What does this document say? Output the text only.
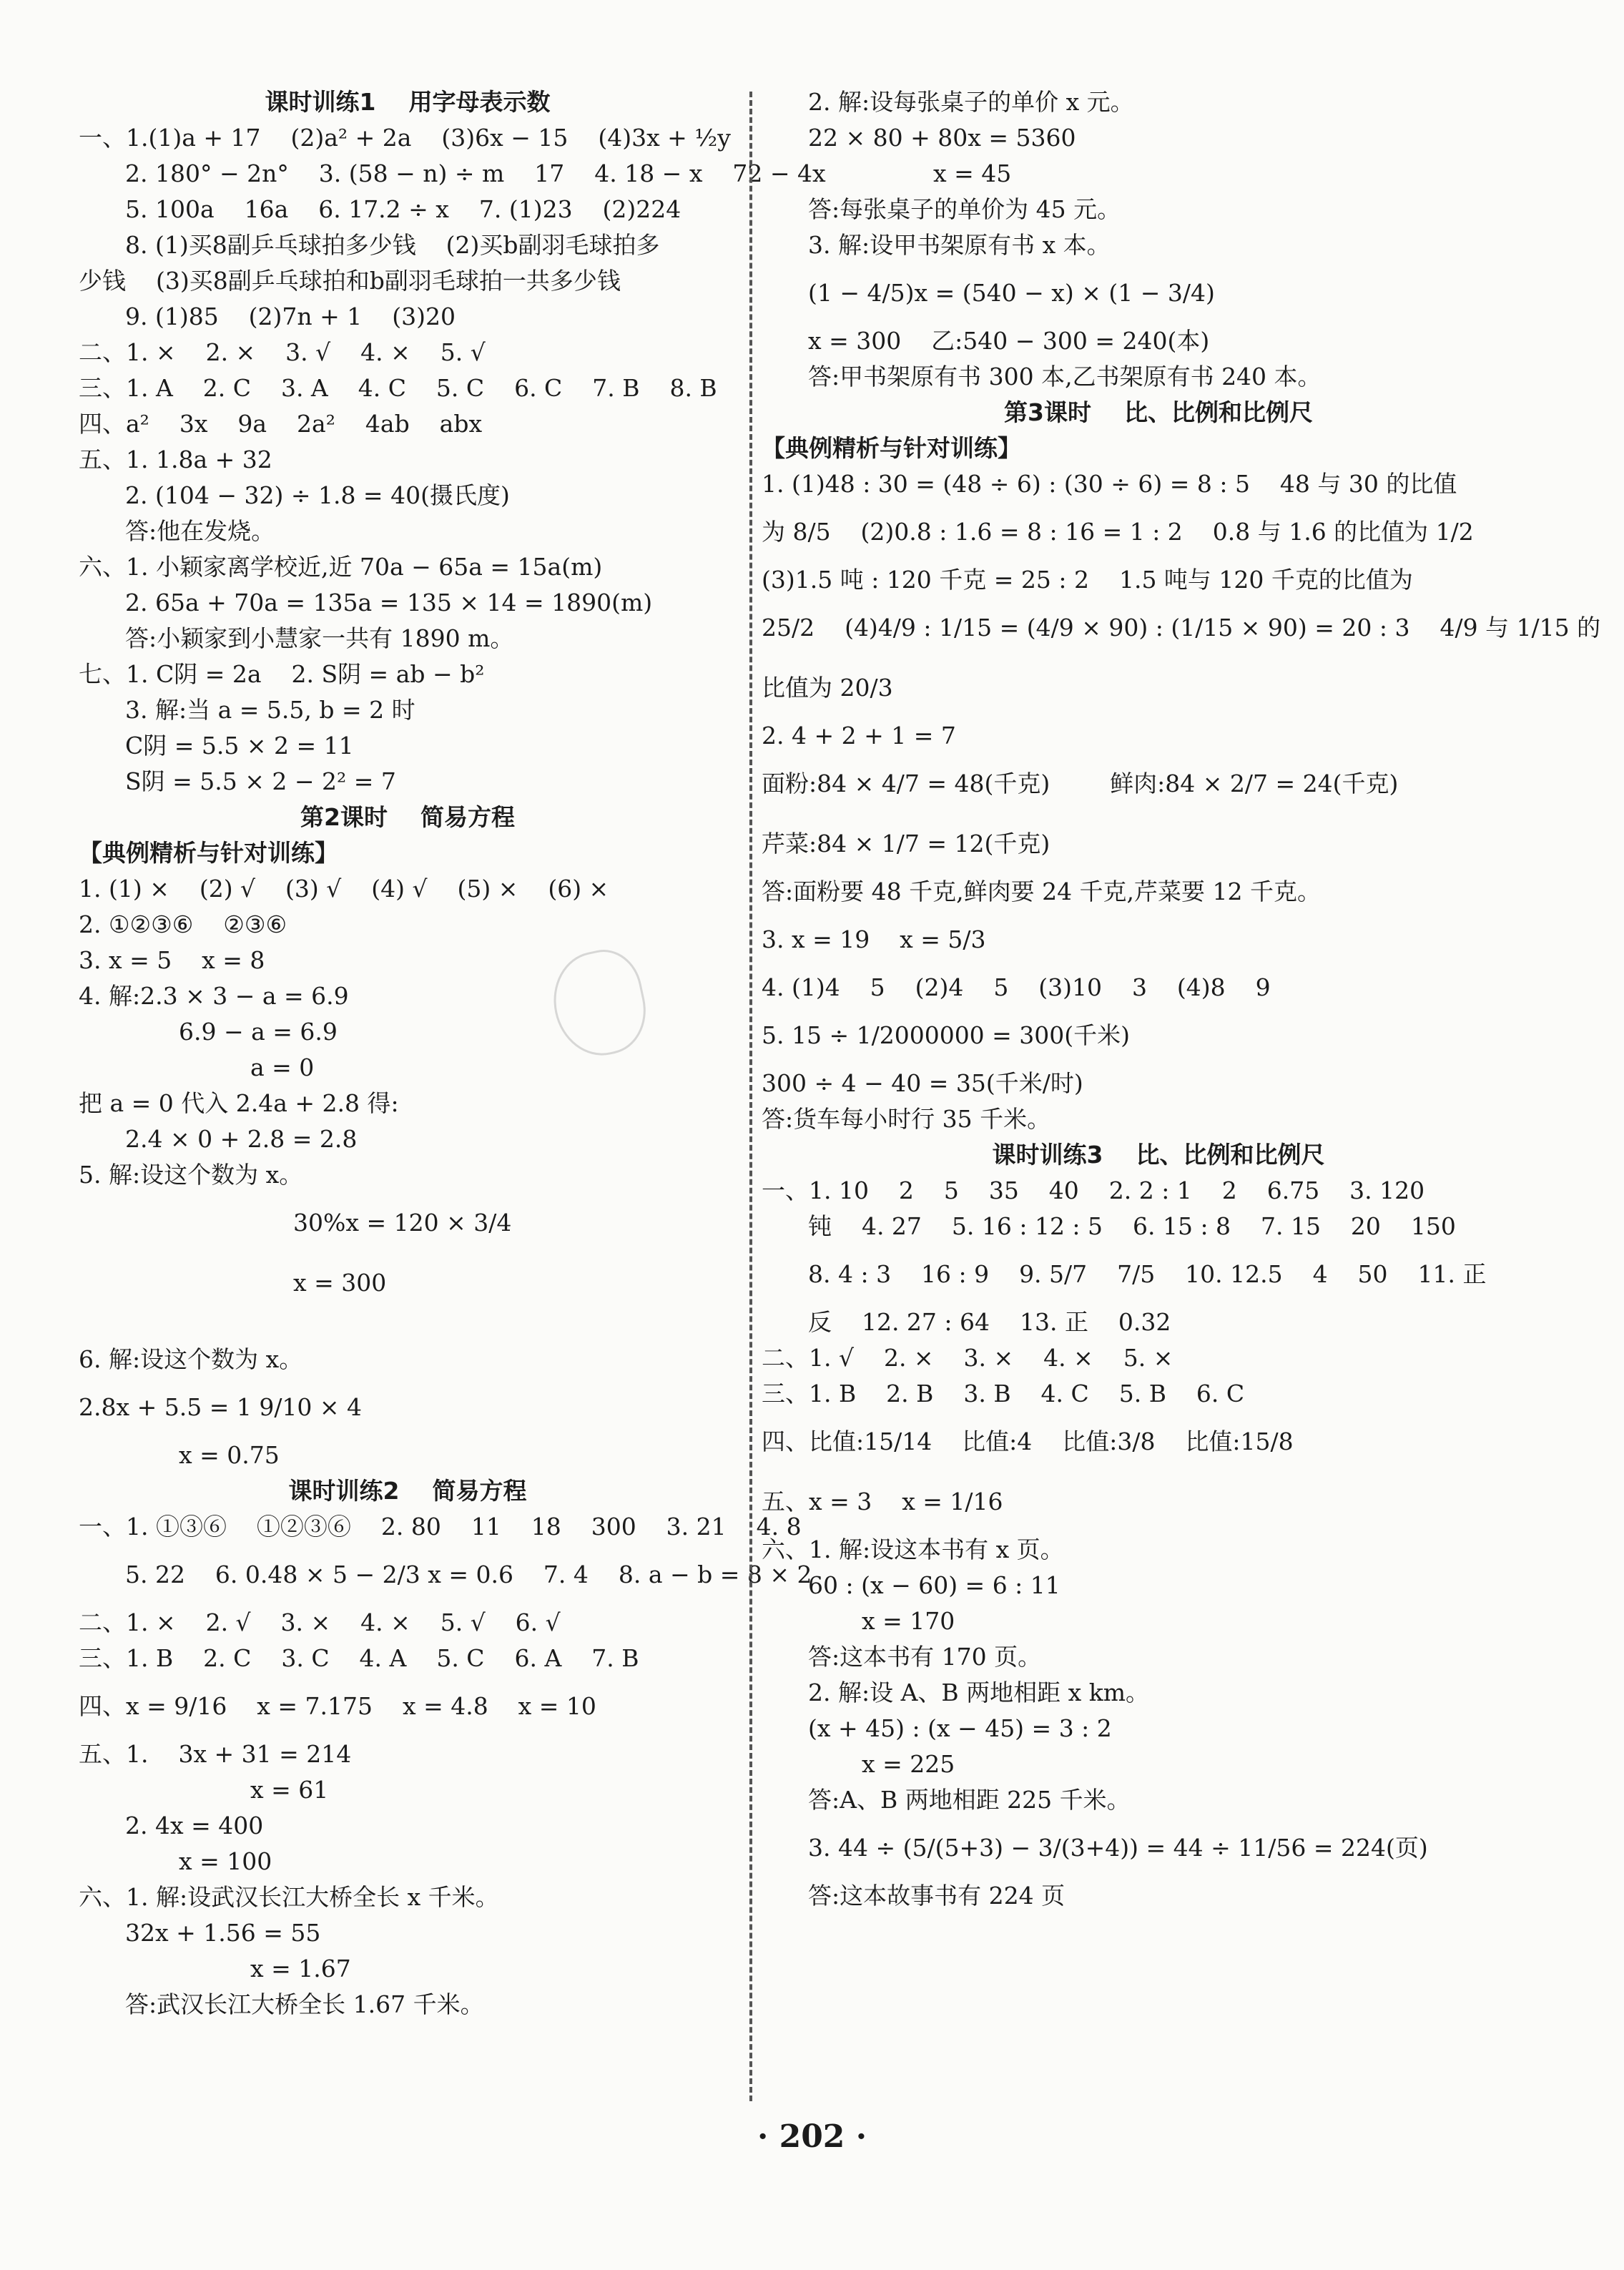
课时训练1    用字母表示数
一、1.(1)a + 17    (2)a² + 2a    (3)6x − 15    (4)3x + ½y
2. 180° − 2n°    3. (58 − n) ÷ m    17    4. 18 − x    72 − 4x
5. 100a    16a    6. 17.2 ÷ x    7. (1)23    (2)224
8. (1)买8副乒乓球拍多少钱    (2)买b副羽毛球拍多
少钱    (3)买8副乒乓球拍和b副羽毛球拍一共多少钱
9. (1)85    (2)7n + 1    (3)20
二、1. ×    2. ×    3. √    4. ×    5. √
三、1. A    2. C    3. A    4. C    5. C    6. C    7. B    8. B
四、a²    3x    9a    2a²    4ab    abx
五、1. 1.8a + 32
2. (104 − 32) ÷ 1.8 = 40(摄氏度)
答:他在发烧。
六、1. 小颖家离学校近,近 70a − 65a = 15a(m)
2. 65a + 70a = 135a = 135 × 14 = 1890(m)
答:小颖家到小慧家一共有 1890 m。
七、1. C阴 = 2a    2. S阴 = ab − b²
3. 解:当 a = 5.5, b = 2 时
C阴 = 5.5 × 2 = 11
S阴 = 5.5 × 2 − 2² = 7
第2课时    简易方程
【典例精析与针对训练】
1. (1) ×    (2) √    (3) √    (4) √    (5) ×    (6) ×
2. ①②③⑥    ②③⑥
3. x = 5    x = 8
4. 解:2.3 × 3 − a = 6.9
6.9 − a = 6.9
a = 0
把 a = 0 代入 2.4a + 2.8 得:
2.4 × 0 + 2.8 = 2.8
5. 解:设这个数为 x。
30%x = 120 × 3/4
x = 300
6. 解:设这个数为 x。
2.8x + 5.5 = 1 9/10 × 4
x = 0.75
课时训练2    简易方程
一、1. ①③⑥    ①②③⑥    2. 80    11    18    300    3. 21    4. 8
5. 22    6. 0.48 × 5 − 2/3 x = 0.6    7. 4    8. a − b = 8 × 2
二、1. ×    2. √    3. ×    4. ×    5. √    6. √
三、1. B    2. C    3. C    4. A    5. C    6. A    7. B
四、x = 9/16    x = 7.175    x = 4.8    x = 10
五、1.    3x + 31 = 214
x = 61
2. 4x = 400
x = 100
六、1. 解:设武汉长江大桥全长 x 千米。
32x + 1.56 = 55
x = 1.67
答:武汉长江大桥全长 1.67 千米。
2. 解:设每张桌子的单价 x 元。
22 × 80 + 80x = 5360
x = 45
答:每张桌子的单价为 45 元。
3. 解:设甲书架原有书 x 本。
(1 − 4/5)x = (540 − x) × (1 − 3/4)
x = 300    乙:540 − 300 = 240(本)
答:甲书架原有书 300 本,乙书架原有书 240 本。
第3课时    比、比例和比例尺
【典例精析与针对训练】
1. (1)48 : 30 = (48 ÷ 6) : (30 ÷ 6) = 8 : 5    48 与 30 的比值
为 8/5    (2)0.8 : 1.6 = 8 : 16 = 1 : 2    0.8 与 1.6 的比值为 1/2
(3)1.5 吨 : 120 千克 = 25 : 2    1.5 吨与 120 千克的比值为
25/2    (4)4/9 : 1/15 = (4/9 × 90) : (1/15 × 90) = 20 : 3    4/9 与 1/15 的
比值为 20/3
2. 4 + 2 + 1 = 7
面粉:84 × 4/7 = 48(千克)        鲜肉:84 × 2/7 = 24(千克)
芹菜:84 × 1/7 = 12(千克)
答:面粉要 48 千克,鲜肉要 24 千克,芹菜要 12 千克。
3. x = 19    x = 5/3
4. (1)4    5    (2)4    5    (3)10    3    (4)8    9
5. 15 ÷ 1/2000000 = 300(千米)
300 ÷ 4 − 40 = 35(千米/时)
答:货车每小时行 35 千米。
课时训练3    比、比例和比例尺
一、1. 10    2    5    35    40    2. 2 : 1    2    6.75    3. 120
钝    4. 27    5. 16 : 12 : 5    6. 15 : 8    7. 15    20    150
8. 4 : 3    16 : 9    9. 5/7    7/5    10. 12.5    4    50    11. 正
反    12. 27 : 64    13. 正    0.32
二、1. √    2. ×    3. ×    4. ×    5. ×
三、1. B    2. B    3. B    4. C    5. B    6. C
四、比值:15/14    比值:4    比值:3/8    比值:15/8
五、x = 3    x = 1/16
六、1. 解:设这本书有 x 页。
60 : (x − 60) = 6 : 11
x = 170
答:这本书有 170 页。
2. 解:设 A、B 两地相距 x km。
(x + 45) : (x − 45) = 3 : 2
x = 225
答:A、B 两地相距 225 千米。
3. 44 ÷ (5/(5+3) − 3/(3+4)) = 44 ÷ 11/56 = 224(页)
答:这本故事书有 224 页
· 202 ·
